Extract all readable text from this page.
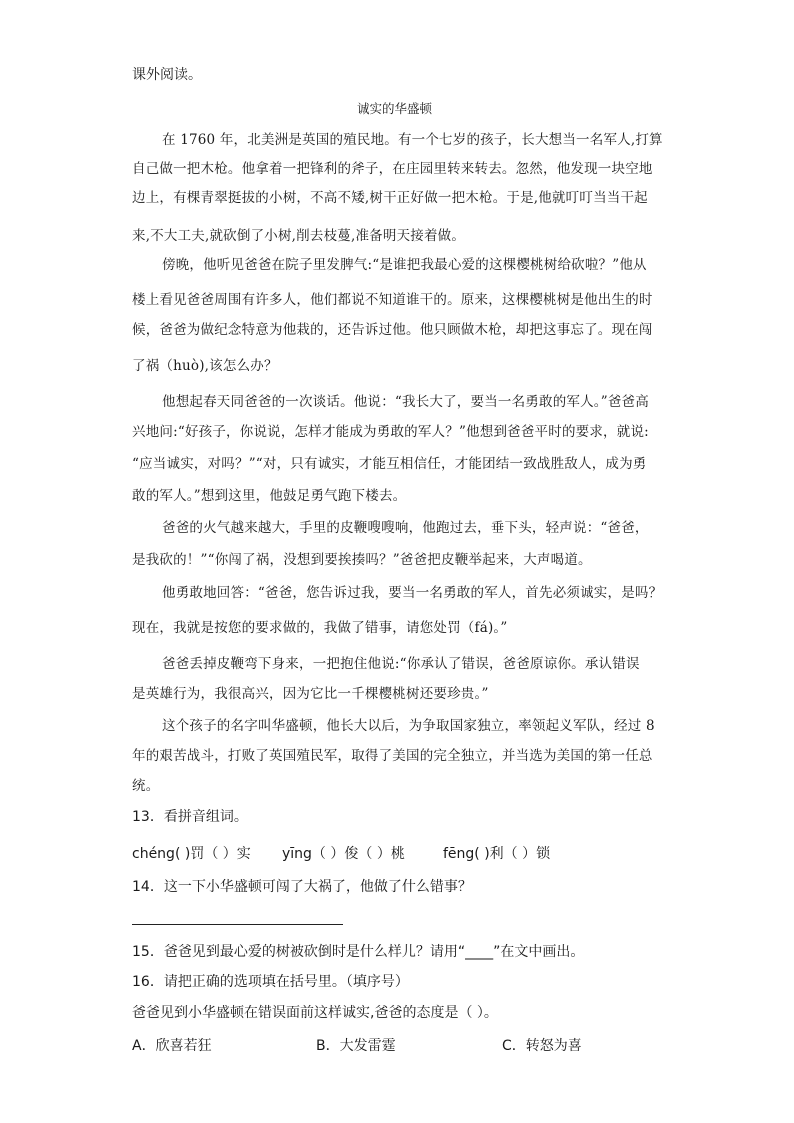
课外阅读。
诚实的华盛顿
在 1760 年，北美洲是英国的殖民地。有一个七岁的孩子，长大想当一名军人,打算
自己做一把木枪。他拿着一把锋利的斧子，在庄园里转来转去。忽然，他发现一块空地
边上，有棵青翠挺拔的小树，不高不矮,树干正好做一把木枪。于是,他就叮叮当当干起
来,不大工夫,就砍倒了小树,削去枝蔓,准备明天接着做。
傍晚，他听见爸爸在院子里发脾气:“是谁把我最心爱的这棵樱桃树给砍啦？”他从
楼上看见爸爸周围有许多人，他们都说不知道谁干的。原来，这棵樱桃树是他出生的时
候，爸爸为做纪念特意为他栽的，还告诉过他。他只顾做木枪，却把这事忘了。现在闯
了祸（huò),该怎么办？
他想起春天同爸爸的一次谈话。他说：“我长大了，要当一名勇敢的军人。”爸爸高
兴地问:“好孩子，你说说，怎样才能成为勇敢的军人？”他想到爸爸平时的要求，就说:
“应当诚实，对吗？”“对，只有诚实，才能互相信任，才能团结一致战胜敌人，成为勇
敢的军人。”想到这里，他鼓足勇气跑下楼去。
爸爸的火气越来越大，手里的皮鞭嗖嗖响，他跑过去，垂下头，轻声说：“爸爸，
是我砍的！”“你闯了祸，没想到要挨揍吗？”爸爸把皮鞭举起来，大声喝道。
他勇敢地回答：“爸爸，您告诉过我，要当一名勇敢的军人，首先必须诚实，是吗？
现在，我就是按您的要求做的，我做了错事，请您处罚（fá)。”
爸爸丢掉皮鞭弯下身来，一把抱住他说:“你承认了错误，爸爸原谅你。承认错误
是英雄行为，我很高兴，因为它比一千棵樱桃树还要珍贵。”
这个孩子的名字叫华盛顿，他长大以后，为争取国家独立，率领起义军队，经过 8
年的艰苦战斗，打败了英国殖民军，取得了美国的完全独立，并当选为美国的第一任总
统。
13．看拼音组词。
chéng( )罚（ ）实 yīng（ ）俊（ ）桃	fēng( )利（ ）锁
14．这一下小华盛顿可闯了大祸了，他做了什么错事？
15．爸爸见到最心爱的树被砍倒时是什么样儿？请用“____”在文中画出。
16．请把正确的选项填在括号里。（填序号）
爸爸见到小华盛顿在错误面前这样诚实,爸爸的态度是（ ）。
A．欣喜若狂	B．大发雷霆	C．转怒为喜
